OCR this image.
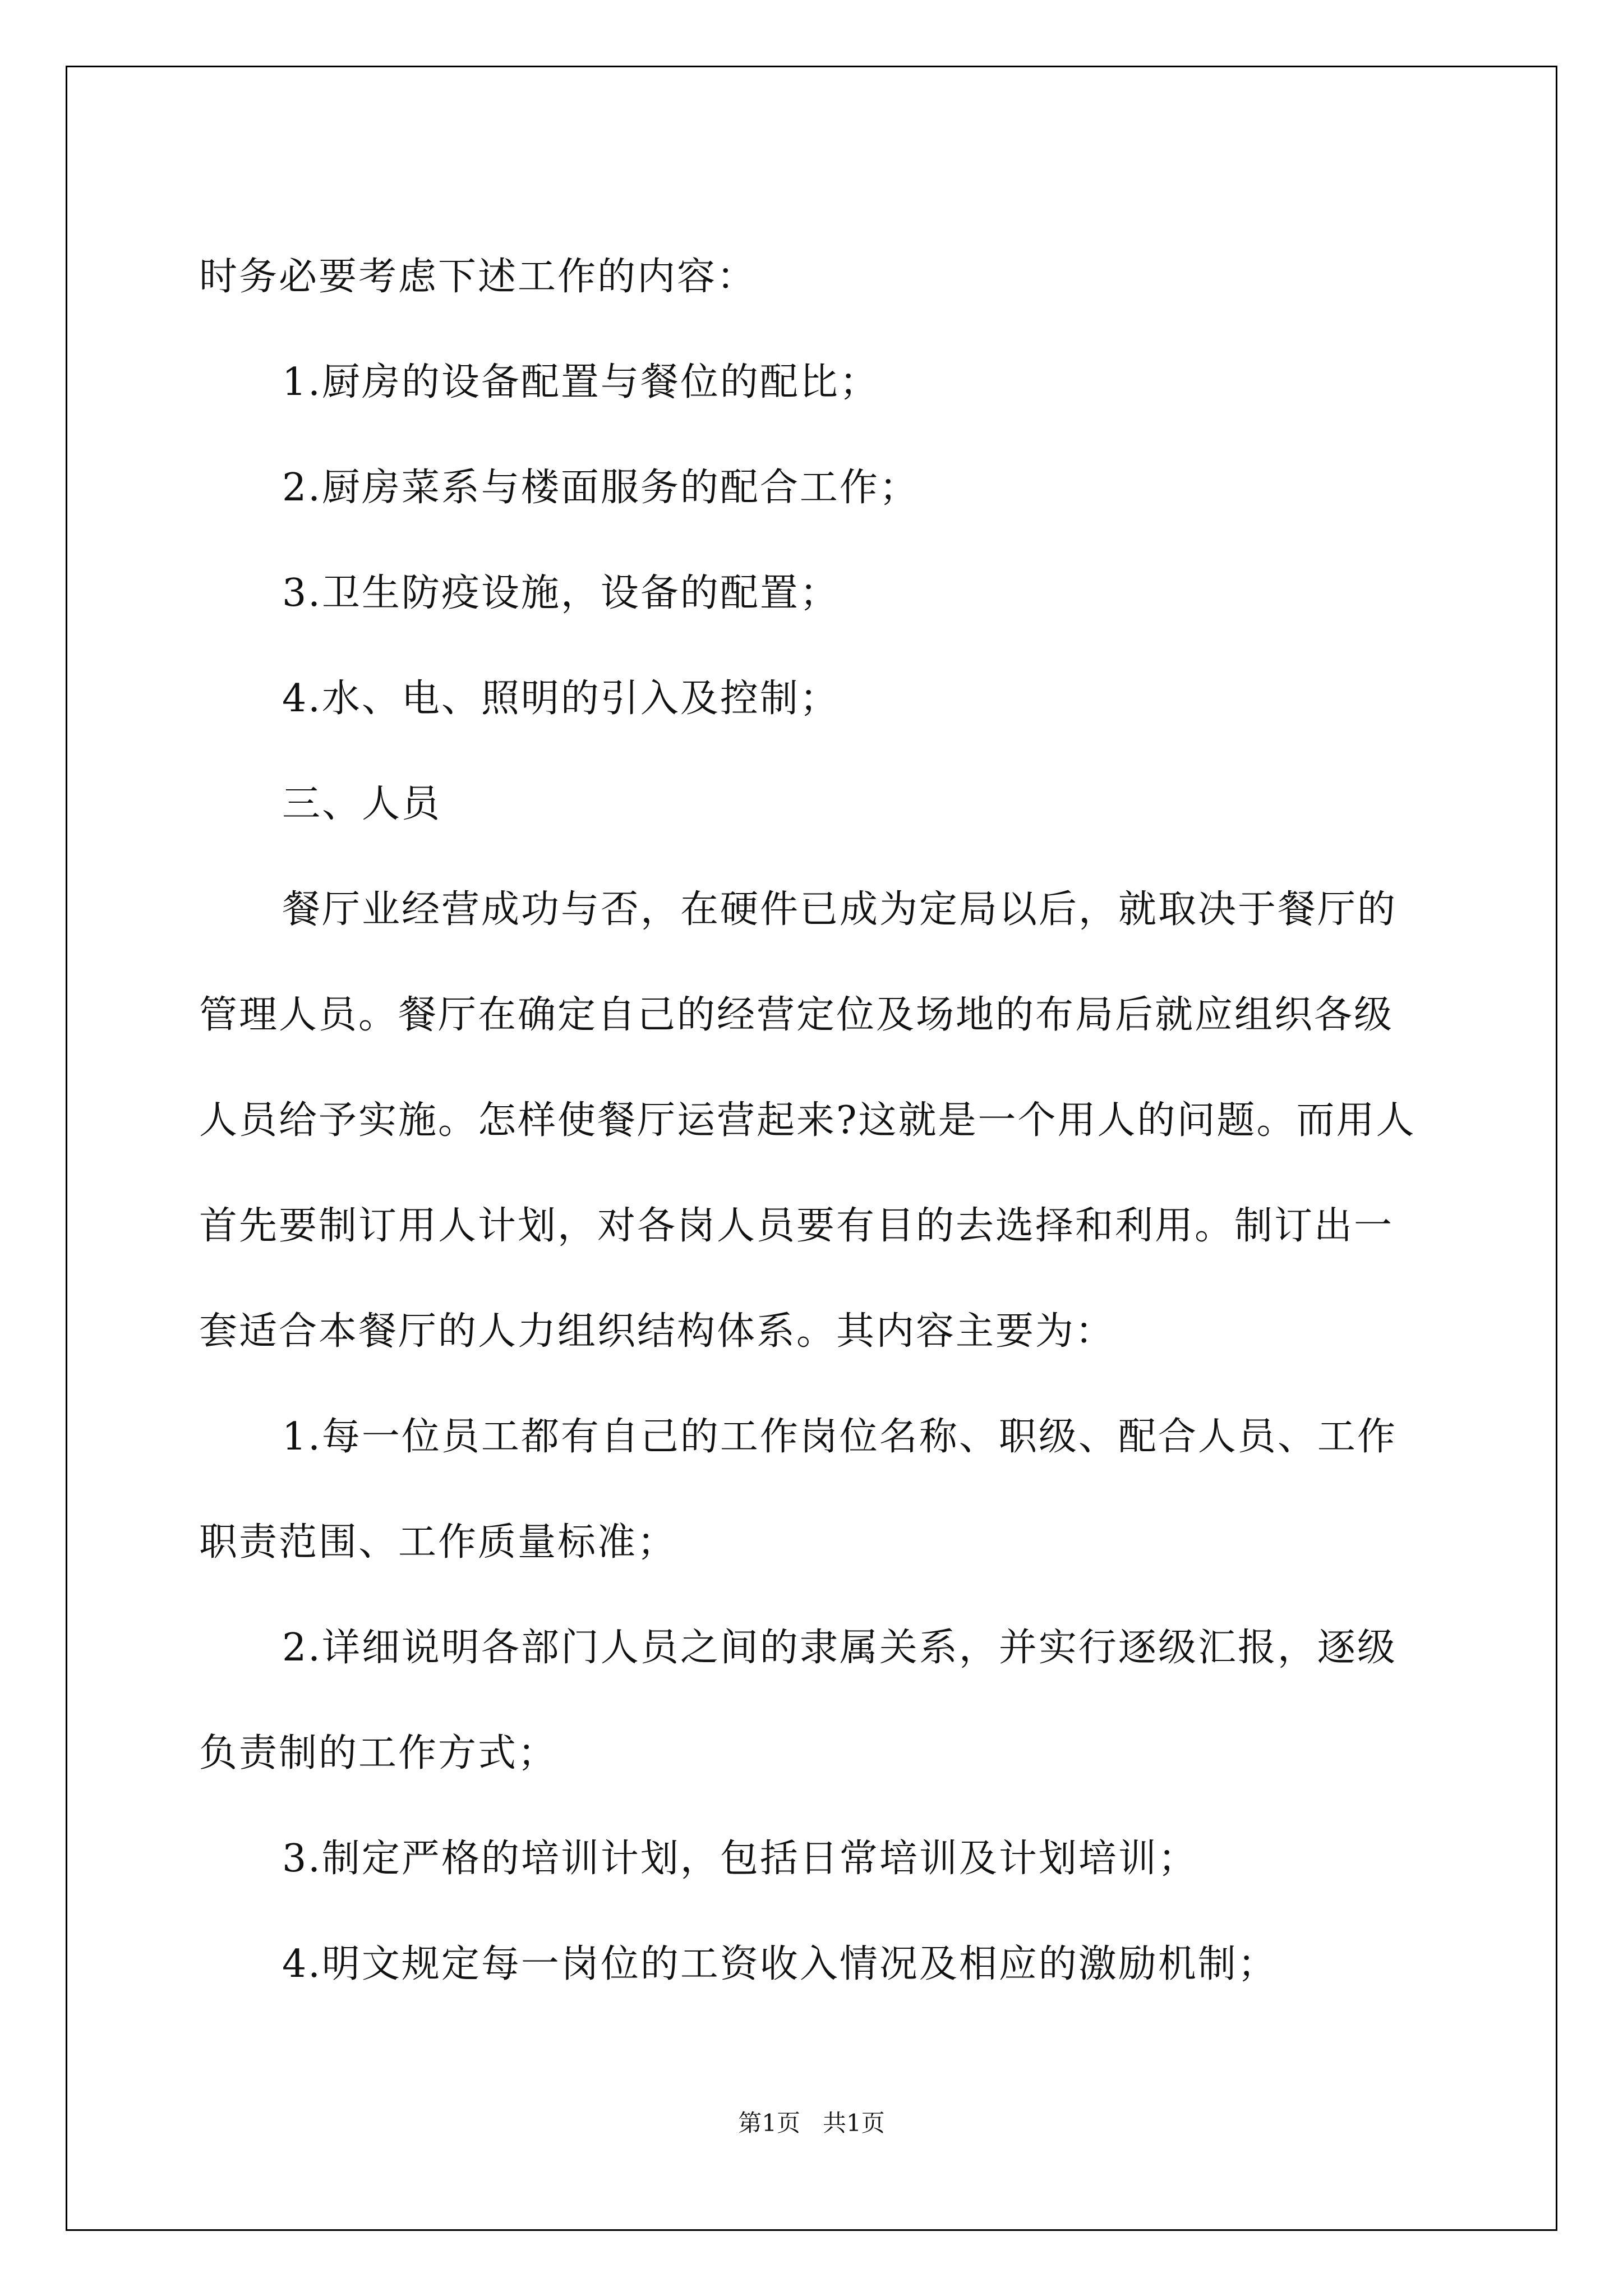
时务必要考虑下述工作的内容：
1.厨房的设备配置与餐位的配比；
2.厨房菜系与楼面服务的配合工作；
3.卫生防疫设施，设备的配置；
4.水、电、照明的引入及控制；
三、人员
餐厅业经营成功与否，在硬件已成为定局以后，就取决于餐厅的
管理人员。餐厅在确定自己的经营定位及场地的布局后就应组织各级
人员给予实施。怎样使餐厅运营起来?这就是一个用人的问题。而用人
首先要制订用人计划，对各岗人员要有目的去选择和利用。制订出一
套适合本餐厅的人力组织结构体系。其内容主要为：
1.每一位员工都有自己的工作岗位名称、职级、配合人员、工作
职责范围、工作质量标准；
2.详细说明各部门人员之间的隶属关系，并实行逐级汇报，逐级
负责制的工作方式；
3.制定严格的培训计划，包括日常培训及计划培训；
4.明文规定每一岗位的工资收入情况及相应的激励机制；
第1页   共1页
